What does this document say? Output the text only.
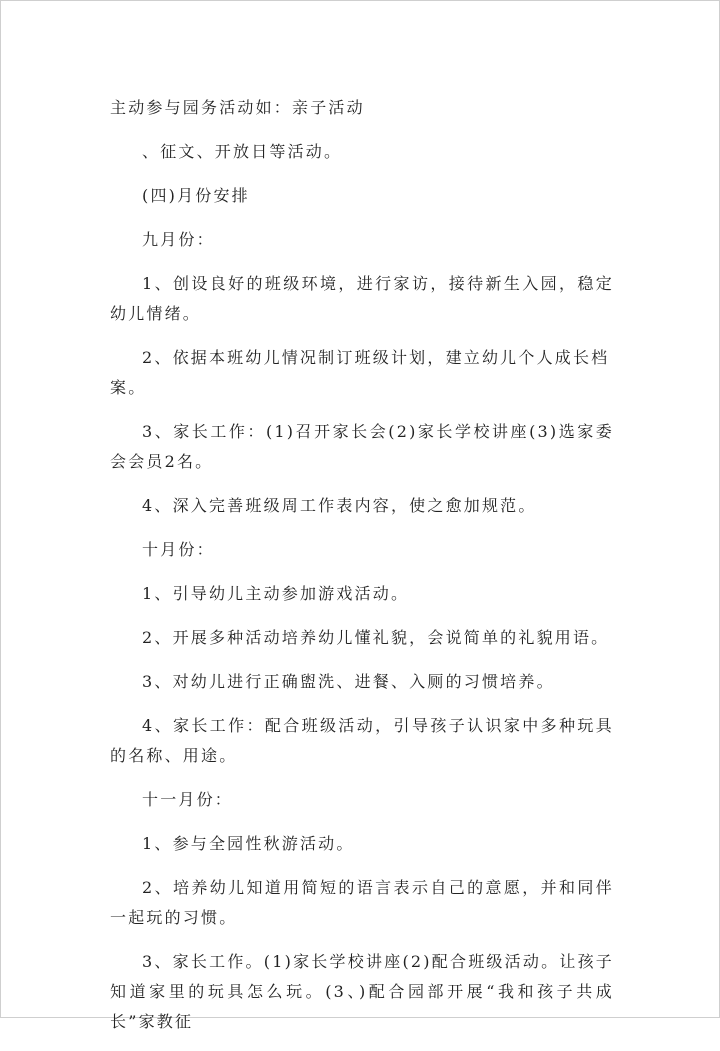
主动参与园务活动如：亲子活动

、征文、开放日等活动。

(四)月份安排

九月份：

1、创设良好的班级环境，进行家访，接待新生入园，稳定幼儿情绪。

2、依据本班幼儿情况制订班级计划，建立幼儿个人成长档案。

3、家长工作：(1)召开家长会(2)家长学校讲座(3)选家委会会员2名。

4、深入完善班级周工作表内容，使之愈加规范。

十月份：

1、引导幼儿主动参加游戏活动。

2、开展多种活动培养幼儿懂礼貌，会说简单的礼貌用语。

3、对幼儿进行正确盥洗、进餐、入厕的习惯培养。

4、家长工作：配合班级活动，引导孩子认识家中多种玩具的名称、用途。

十一月份：

1、参与全园性秋游活动。

2、培养幼儿知道用简短的语言表示自己的意愿，并和同伴一起玩的习惯。

3、家长工作。(1)家长学校讲座(2)配合班级活动。让孩子知道家里的玩具怎么玩。(3、)配合园部开展“我和孩子共成长”家教征
